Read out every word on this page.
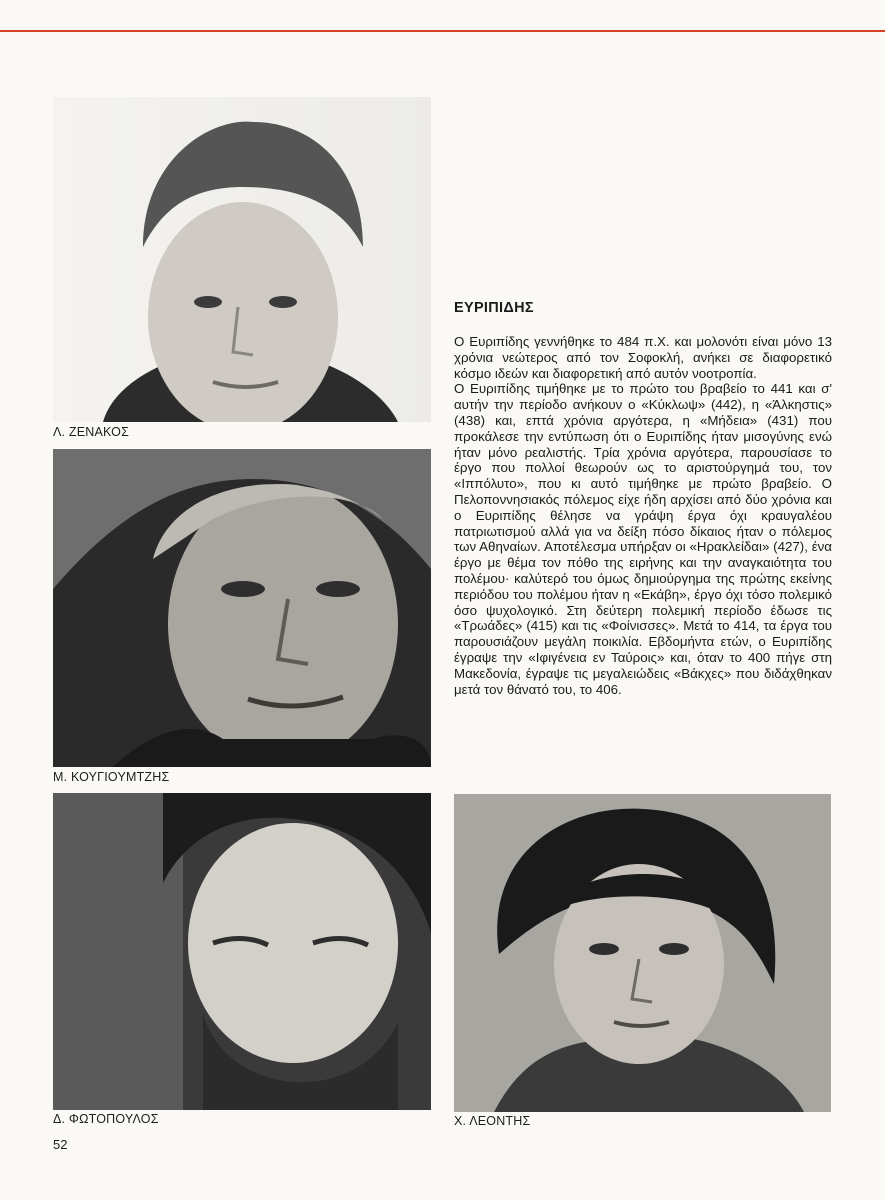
Λ. ΖΕΝΑΚΟΣ
Μ. ΚΟΥΓΙΟΥΜΤΖΗΣ
Δ. ΦΩΤΟΠΟΥΛΟΣ	Χ. ΛΕΟΝΤΗΣ
ΕΥΡΙΠΙΔΗΣ

Ο Ευριπίδης γεννήθηκε το 484 π.Χ. και μολονότι είναι μόνο 13 χρόνια νεώτερος από τον Σοφοκλή, ανήκει σε διαφορετικό κόσμο ιδεών και διαφορετική από αυτόν νοοτροπία.

Ο Ευριπίδης τιμήθηκε με το πρώτο του βραβείο το 441 και σ' αυτήν την περίοδο ανήκουν ο «Κύκλωψ» (442), η «Άλκηστις» (438) και, επτά χρόνια αργότερα, η «Μήδεια» (431) που προκάλεσε την εντύπωση ότι ο Ευριπίδης ήταν μισογύνης ενώ ήταν μόνο ρεαλιστής. Τρία χρόνια αργότερα, παρουσίασε το έργο που πολλοί θεωρούν ως το αριστούργημά του, τον «Ιππόλυτο», που κι αυτό τιμήθηκε με πρώτο βραβείο. Ο Πελοποννησιακός πόλεμος είχε ήδη αρχίσει από δύο χρόνια και ο Ευριπίδης θέλησε να γράψη έργα όχι κραυγαλέου πατριωτισμού αλλά για να δείξη πόσο δίκαιος ήταν ο πόλεμος των Αθηναίων. Αποτέλεσμα υπήρξαν οι «Ηρακλείδαι» (427), ένα έργο με θέμα τον πόθο της ειρήνης και την αναγκαιότητα του πολέμου· καλύτερό του όμως δημιούργημα της πρώτης εκείνης περιόδου του πολέμου ήταν η «Εκάβη», έργο όχι τόσο πολεμικό όσο ψυχολογικό. Στη δεύτερη πολεμική περίοδο έδωσε τις «Τρωάδες» (415) και τις «Φοίνισσες». Μετά το 414, τα έργα του παρουσιάζουν μεγάλη ποικιλία. Εβδομήντα ετών, ο Ευριπίδης έγραψε την «Ιφιγένεια εν Ταύροις» και, όταν το 400 πήγε στη Μακεδονία, έγραψε τις μεγαλειώδεις «Βάκχες» που διδάχθηκαν μετά τον θάνατό του, το 406.

52
